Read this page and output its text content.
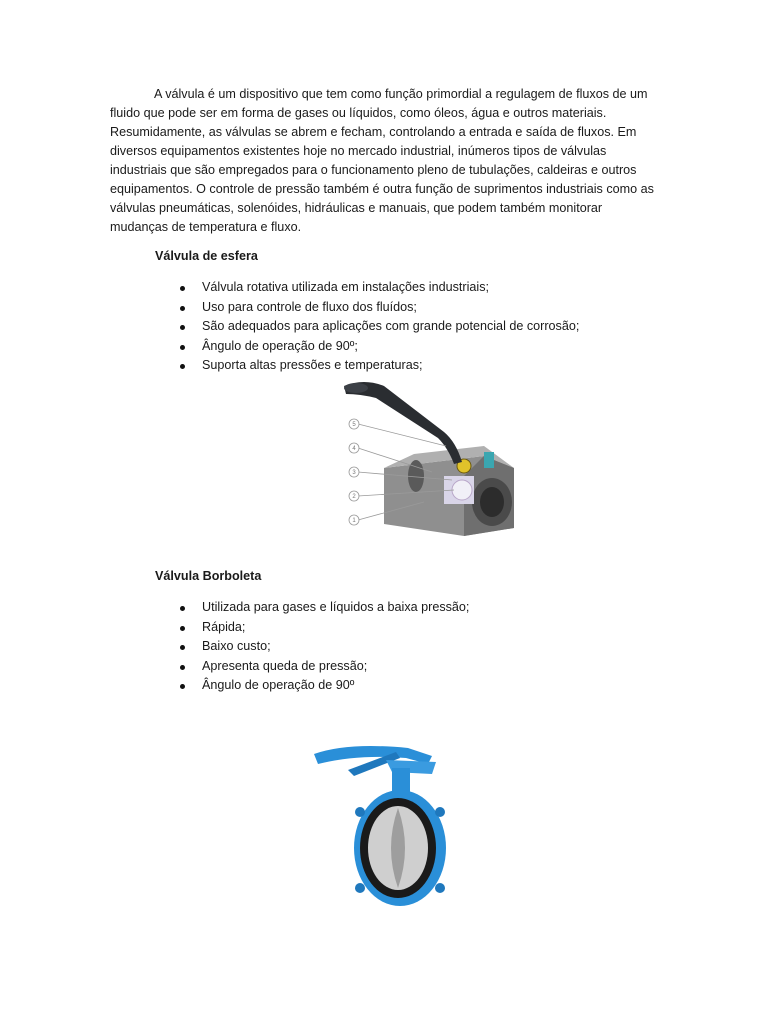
A válvula é um dispositivo que tem como função primordial a regulagem de fluxos de um fluido que pode ser em forma de gases ou líquidos, como óleos, água e outros materiais. Resumidamente, as válvulas se abrem e fecham, controlando a entrada e saída de fluxos. Em diversos equipamentos existentes hoje no mercado industrial, inúmeros tipos de válvulas industriais que são empregados para o funcionamento pleno de tubulações, caldeiras e outros equipamentos. O controle de pressão também é outra função de suprimentos industriais como as válvulas pneumáticas, solenóides, hidráulicas e manuais, que podem também monitorar mudanças de temperatura e fluxo.

Válvula de esfera
Válvula rotativa utilizada em instalações industriais;
Uso para controle de fluxo dos fluídos;
São adequados para aplicações com grande potencial de corrosão;
Ângulo de operação de 90º;
Suporta altas pressões e temperaturas;
5
4
3
2
1
Válvula Borboleta
Utilizada para gases e líquidos a baixa pressão;
Rápida;
Baixo custo;
Apresenta queda de pressão;
Ângulo de operação de 90º
